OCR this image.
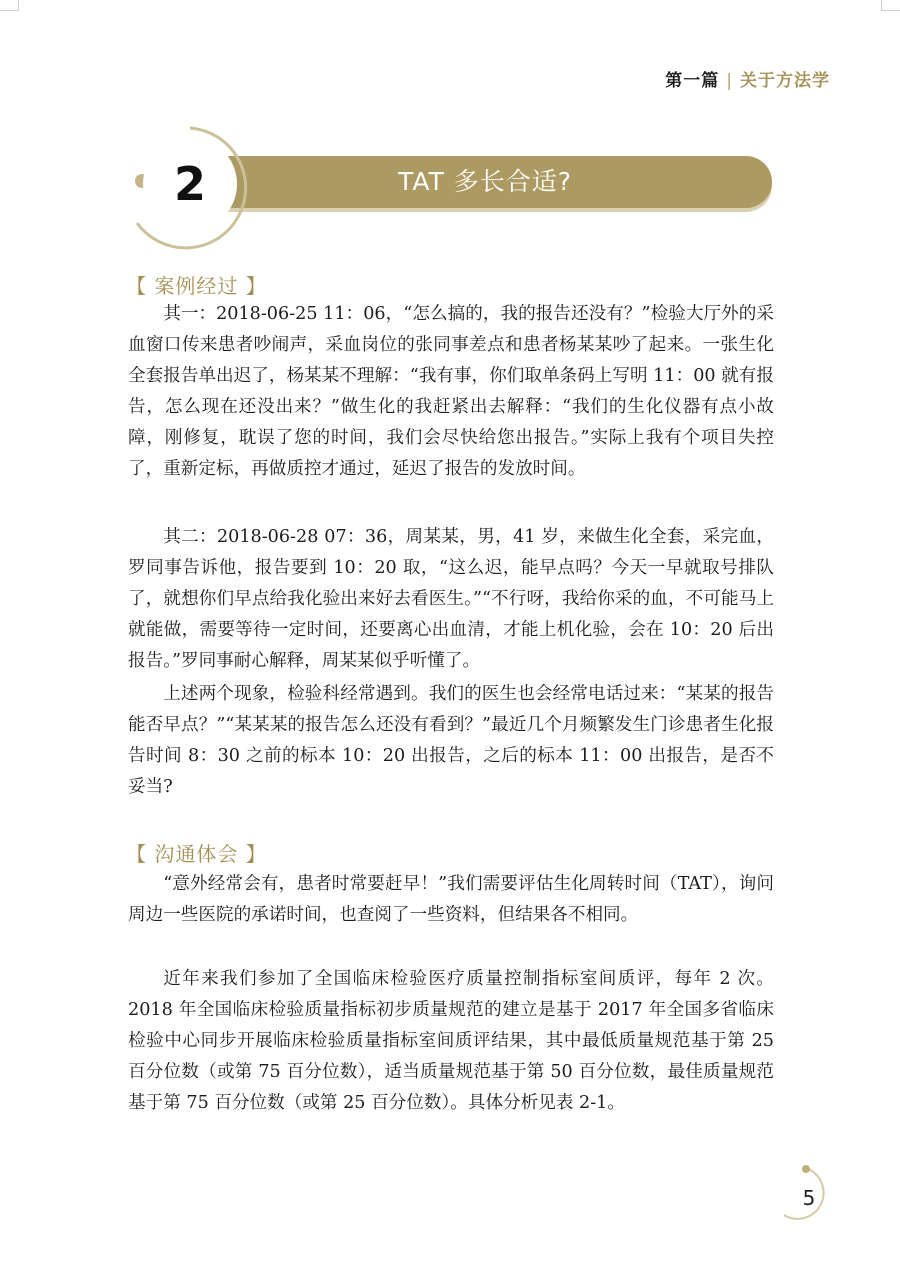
第一篇 | 关于方法学
TAT 多长合适?
2
【 案例经过 】

其一：2018-06-25 11：06，“怎么搞的，我的报告还没有？”检验大厅外的采血窗口传来患者吵闹声，采血岗位的张同事差点和患者杨某某吵了起来。一张生化全套报告单出迟了，杨某某不理解：“我有事，你们取单条码上写明 11：00 就有报告，怎么现在还没出来？”做生化的我赶紧出去解释：“我们的生化仪器有点小故障，刚修复，耽误了您的时间，我们会尽快给您出报告。”实际上我有个项目失控了，重新定标，再做质控才通过，延迟了报告的发放时间。

其二：2018-06-28 07：36，周某某，男，41 岁，来做生化全套，采完血，罗同事告诉他，报告要到 10：20 取，“这么迟，能早点吗？今天一早就取号排队了，就想你们早点给我化验出来好去看医生。”“不行呀，我给你采的血，不可能马上就能做，需要等待一定时间，还要离心出血清，才能上机化验，会在 10：20 后出报告。”罗同事耐心解释，周某某似乎听懂了。

上述两个现象，检验科经常遇到。我们的医生也会经常电话过来：“某某的报告能否早点？”“某某某的报告怎么还没有看到？”最近几个月频繁发生门诊患者生化报告时间 8：30 之前的标本 10：20 出报告，之后的标本 11：00 出报告，是否不妥当?

【 沟通体会 】

“意外经常会有，患者时常要赶早！”我们需要评估生化周转时间（TAT），询问周边一些医院的承诺时间，也查阅了一些资料，但结果各不相同。

近年来我们参加了全国临床检验医疗质量控制指标室间质评，每年 2 次。2018 年全国临床检验质量指标初步质量规范的建立是基于 2017 年全国多省临床检验中心同步开展临床检验质量指标室间质评结果，其中最低质量规范基于第 25 百分位数（或第 75 百分位数），适当质量规范基于第 50 百分位数，最佳质量规范基于第 75 百分位数（或第 25 百分位数）。具体分析见表 2-1。

5
